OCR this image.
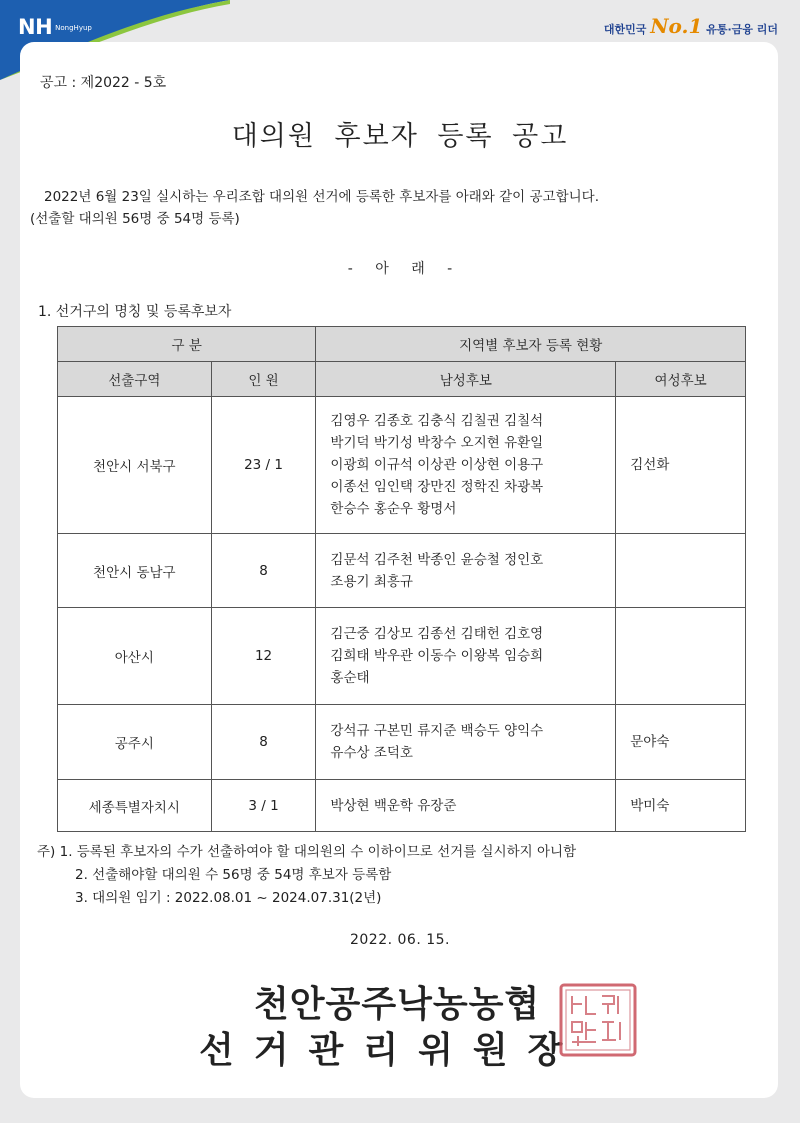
NH NongHyup	대한민국 No.1 유통·금융 리더
공고 : 제2022 - 5호
대의원 후보자 등록 공고
2022년 6월 23일 실시하는 우리조합 대의원 선거에 등록한 후보자를 아래와 같이 공고합니다.
(선출할 대의원 56명 중 54명 등록)
- 아 래 -
1. 선거구의 명칭 및 등록후보자
구 분		지역별 후보자 등록 현황	
선출구역	인 원	남성후보	여성후보
천안시 서북구	23 / 1	김영우 김종호 김충식 김칠권 김칠석
박기덕 박기성 박창수 오지현 유환일
이광희 이규석 이상관 이상현 이용구
이종선 임인택 장만진 정학진 차광복
한승수 홍순우 황명서	김선화
천안시 동남구	8	김문석 김주천 박종인 윤승철 정인호
조용기 최흥규	

아산시	12	김근중 김상모 김종선 김태헌 김호영
김희태 박우관 이동수 이왕복 임승희
홍순태	

공주시	8	강석규 구본민 류지준 백승두 양익수
유수상 조덕호	문야숙
세종특별자치시	3 / 1	박상현 백운학 유장준	박미숙
주) 1. 등록된 후보자의 수가 선출하여야 할 대의원의 수 이하이므로 선거를 실시하지 아니함
2. 선출해야할 대의원 수 56명 중 54명 후보자 등록함
3. 대의원 임기 : 2022.08.01 ~ 2024.07.31(2년)
2022. 06. 15.
천안공주낙농농협
선거관리위원장
